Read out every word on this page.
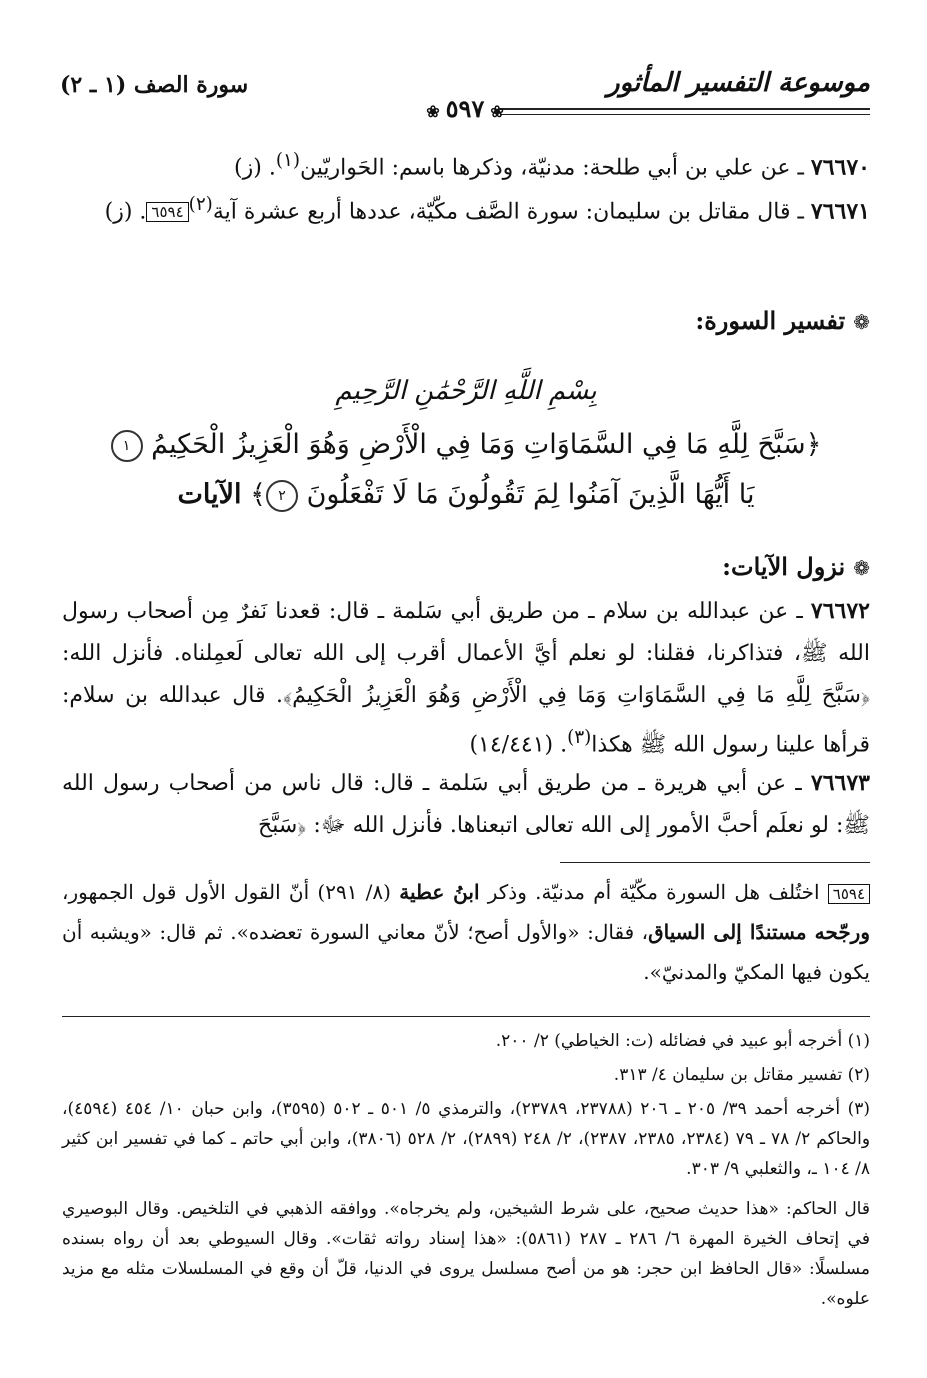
موسوعة التفسير المأثور
سورة الصف (١ ـ ٢)
❀٥٩٧❀
٧٦٦٧٠ ـ عن علي بن أبي طلحة: مدنيّة، وذكرها باسم: الحَواريّين$^{(١)}$. (ز)
٧٦٦٧١ ـ قال مقاتل بن سليمان: سورة الصَّف مكّيّة، عددها أربع عشرة آية$^{(٢)}$٦٥٩٤. (ز)
❁تفسير السورة:
بِسْمِ اللَّهِ الرَّحْمَٰنِ الرَّحِيمِ
﴿سَبَّحَ لِلَّهِ مَا فِي السَّمَاوَاتِ وَمَا فِي الْأَرْضِ وَهُوَ الْعَزِيزُ الْحَكِيمُ ١
يَا أَيُّهَا الَّذِينَ آمَنُوا لِمَ تَقُولُونَ مَا لَا تَفْعَلُونَ ٢﴾ الآيات
❁نزول الآيات:
٧٦٦٧٢ ـ عن عبدالله بن سلام ـ من طريق أبي سَلمة ـ قال: قعدنا نَفرٌ مِن أصحاب رسول الله ﷺ، فتذاكرنا، فقلنا: لو نعلم أيَّ الأعمال أقرب إلى الله تعالى لَعمِلناه. فأنزل الله: ﴿سَبَّحَ لِلَّهِ مَا فِي السَّمَاوَاتِ وَمَا فِي الْأَرْضِ وَهُوَ الْعَزِيزُ الْحَكِيمُ﴾. قال عبدالله بن سلام: قرأها علينا رسول الله ﷺ هكذا$^{(٣)}$. (١٤/٤٤١)
٧٦٦٧٣ ـ عن أبي هريرة ـ من طريق أبي سَلمة ـ قال: قال ناس من أصحاب رسول الله ﷺ: لو نعلَم أحبَّ الأمور إلى الله تعالى اتبعناها. فأنزل الله ﷻ: ﴿سَبَّحَ
٦٥٩٤ اختُلف هل السورة مكّيّة أم مدنيّة. وذكر ابنُ عطية (٨/ ٢٩١) أنّ القول الأول قول الجمهور، ورجّحه مستندًا إلى السياق، فقال: «والأول أصح؛ لأنّ معاني السورة تعضده». ثم قال: «ويشبه أن يكون فيها المكيّ والمدنيّ».
(١) أخرجه أبو عبيد في فضائله (ت: الخياطي) ٢/ ٢٠٠.
(٢) تفسير مقاتل بن سليمان ٤/ ٣١٣.
(٣) أخرجه أحمد ٣٩/ ٢٠٥ ـ ٢٠٦ (٢٣٧٨٨، ٢٣٧٨٩)، والترمذي ٥/ ٥٠١ ـ ٥٠٢ (٣٥٩٥)، وابن حبان ١٠/ ٤٥٤ (٤٥٩٤)، والحاكم ٢/ ٧٨ ـ ٧٩ (٢٣٨٤، ٢٣٨٥، ٢٣٨٧)، ٢/ ٢٤٨ (٢٨٩٩)، ٢/ ٥٢٨ (٣٨٠٦)، وابن أبي حاتم ـ كما في تفسير ابن كثير ٨/ ١٠٤ ـ، والثعلبي ٩/ ٣٠٣.
قال الحاكم: «هذا حديث صحيح، على شرط الشيخين، ولم يخرجاه». ووافقه الذهبي في التلخيص. وقال البوصيري في إتحاف الخيرة المهرة ٦/ ٢٨٦ ـ ٢٨٧ (٥٨٦١): «هذا إسناد رواته ثقات». وقال السيوطي بعد أن رواه بسنده مسلسلًا: «قال الحافظ ابن حجر: هو من أصح مسلسل يروى في الدنيا، قلّ أن وقع في المسلسلات مثله مع مزيد علوه».
